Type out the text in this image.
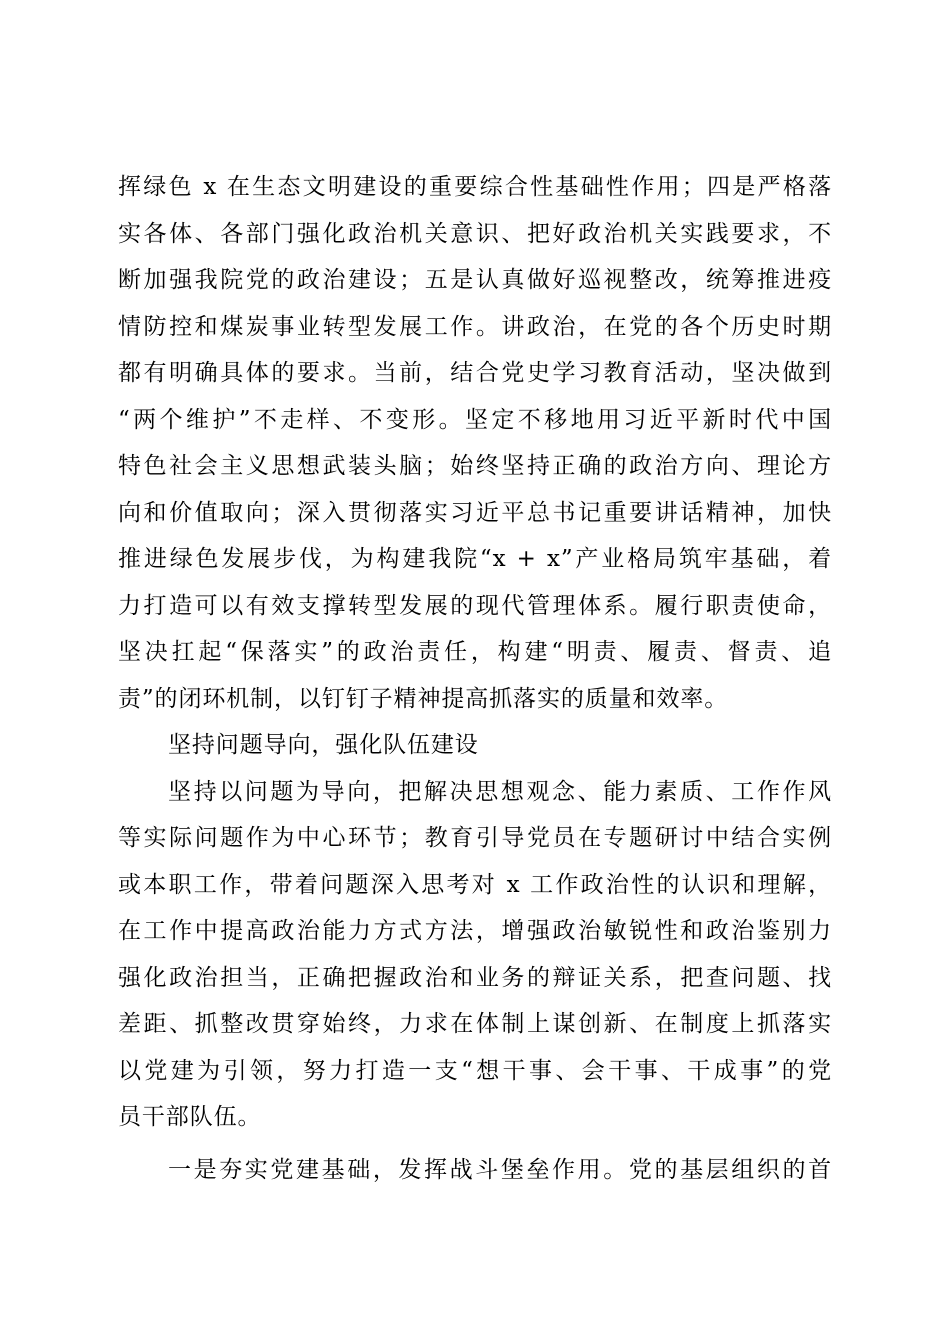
挥绿色 x 在生态文明建设的重要综合性基础性作用；四是严格落
实各体、各部门强化政治机关意识、把好政治机关实践要求，不
断加强我院党的政治建设；五是认真做好巡视整改，统筹推进疫
情防控和煤炭事业转型发展工作。讲政治，在党的各个历史时期
都有明确具体的要求。当前，结合党史学习教育活动，坚决做到
“两个维护”不走样、不变形。坚定不移地用习近平新时代中国
特色社会主义思想武装头脑；始终坚持正确的政治方向、理论方
向和价值取向；深入贯彻落实习近平总书记重要讲话精神，加快
推进绿色发展步伐，为构建我院“x + x”产业格局筑牢基础，着
力打造可以有效支撑转型发展的现代管理体系。履行职责使命，
坚决扛起“保落实”的政治责任，构建“明责、履责、督责、追
责”的闭环机制，以钉钉子精神提高抓落实的质量和效率。
坚持问题导向，强化队伍建设
坚持以问题为导向，把解决思想观念、能力素质、工作作风
等实际问题作为中心环节；教育引导党员在专题研讨中结合实例
或本职工作，带着问题深入思考对 x 工作政治性的认识和理解，
在工作中提高政治能力方式方法，增强政治敏锐性和政治鉴别力
强化政治担当，正确把握政治和业务的辩证关系，把查问题、找
差距、抓整改贯穿始终，力求在体制上谋创新、在制度上抓落实
以党建为引领，努力打造一支“想干事、会干事、干成事”的党
员干部队伍。
一是夯实党建基础，发挥战斗堡垒作用。党的基层组织的首
